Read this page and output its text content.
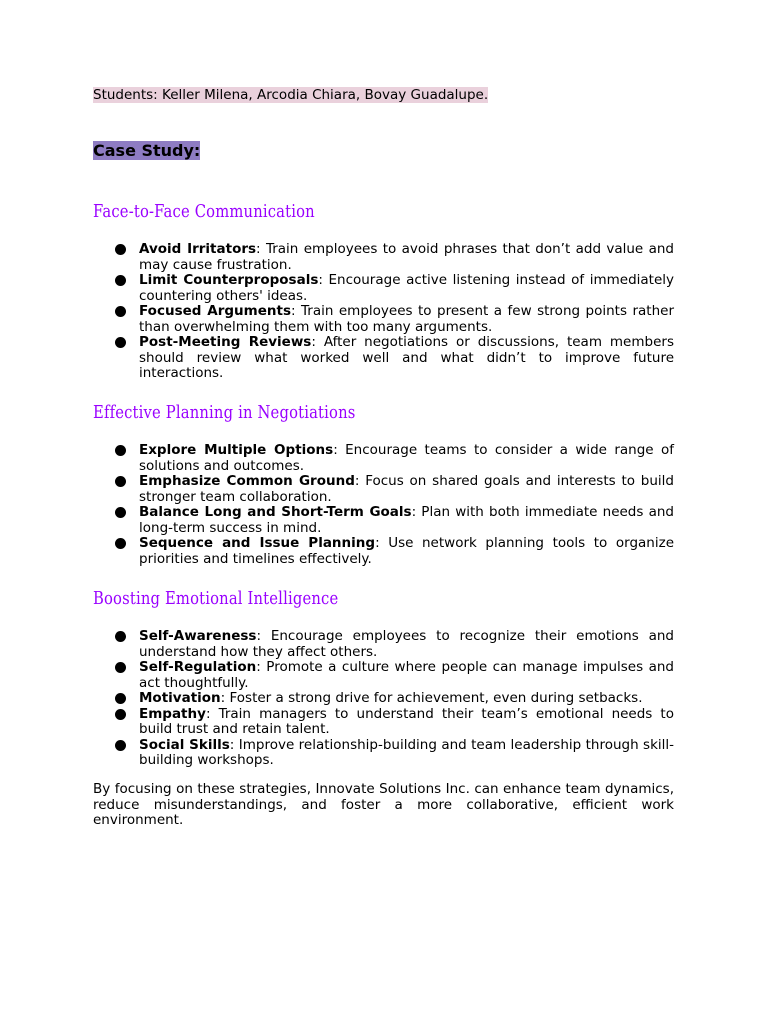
Students: Keller Milena, Arcodia Chiara, Bovay Guadalupe.
Case Study:
Face-to-Face Communication
Avoid Irritators: Train employees to avoid phrases that don’t add value and may cause frustration.
Limit Counterproposals: Encourage active listening instead of immediately countering others' ideas.
Focused Arguments: Train employees to present a few strong points rather than overwhelming them with too many arguments.
Post-Meeting Reviews: After negotiations or discussions, team members should review what worked well and what didn’t to improve future interactions.
Effective Planning in Negotiations
Explore Multiple Options: Encourage teams to consider a wide range of solutions and outcomes.
Emphasize Common Ground: Focus on shared goals and interests to build stronger team collaboration.
Balance Long and Short-Term Goals: Plan with both immediate needs and long-term success in mind.
Sequence and Issue Planning: Use network planning tools to organize priorities and timelines effectively.
Boosting Emotional Intelligence
Self-Awareness: Encourage employees to recognize their emotions and understand how they affect others.
Self-Regulation: Promote a culture where people can manage impulses and act thoughtfully.
Motivation: Foster a strong drive for achievement, even during setbacks.
Empathy: Train managers to understand their team’s emotional needs to build trust and retain talent.
Social Skills: Improve relationship-building and team leadership through skill-building workshops.
By focusing on these strategies, Innovate Solutions Inc. can enhance team dynamics, reduce misunderstandings, and foster a more collaborative, efficient work environment.
